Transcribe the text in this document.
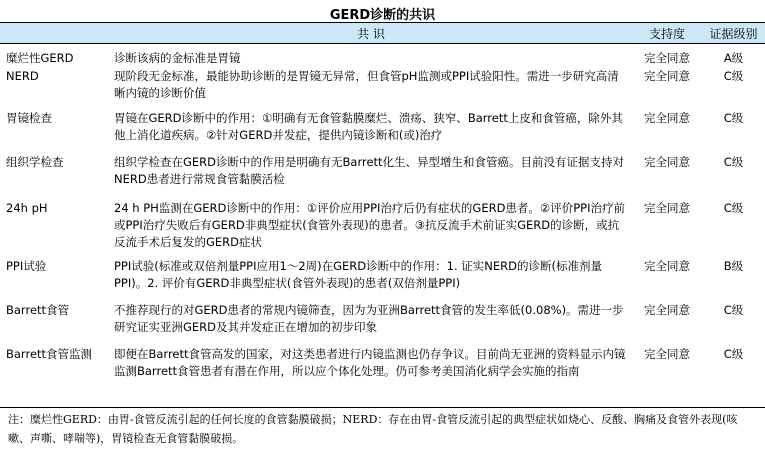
GERD诊断的共识
	共 识	支持度	证据级别
糜烂性GERD	诊断该病的金标准是胃镜	完全同意	A级
NERD	现阶段无金标准，最能协助诊断的是胃镜无异常，但食管pH监测或PPI试验阳性。需进一步研究高清晰内镜的诊断价值	完全同意	C级
胃镜检查	胃镜在GERD诊断中的作用：①明确有无食管黏膜糜烂、溃疡、狭窄、Barrett上皮和食管癌，除外其他上消化道疾病。②针对GERD并发症，提供内镜诊断和(或)治疗	完全同意	C级
组织学检查	组织学检查在GERD诊断中的作用是明确有无Barrett化生、异型增生和食管癌。目前没有证据支持对NERD患者进行常规食管黏膜活检	完全同意	C级
24h pH	24 h PH监测在GERD诊断中的作用：①评价应用PPI治疗后仍有症状的GERD患者。②评价PPI治疗前或PPI治疗失败后有GERD非典型症状(食管外表现)的患者。③抗反流手术前证实GERD的诊断，或抗反流手术后复发的GERD症状	完全同意	C级
PPI试验	PPI试验(标准或双倍剂量PPI应用1～2周)在GERD诊断中的作用：1. 证实NERD的诊断(标准剂量PPI)。2. 评价有GERD非典型症状(食管外表现)的患者(双倍剂量PPI)	完全同意	B级
Barrett食管	不推荐现行的对GERD患者的常规内镜筛查，因为为亚洲Barrett食管的发生率低(0.08%)。需进一步研究证实亚洲GERD及其并发症正在增加的初步印象	完全同意	C级
Barrett食管监测	即便在Barrett食管高发的国家，对这类患者进行内镜监测也仍存争议。目前尚无亚洲的资料显示内镜监测Barrett食管患者有潜在作用，所以应个体化处理。仍可参考美国消化病学会实施的指南	完全同意	C级
注：糜烂性GERD：由胃-食管反流引起的任何长度的食管黏膜破损；NERD：存在由胃-食管反流引起的典型症状如烧心、反酸、胸痛及食管外表现(咳嗽、声嘶、哮喘等)，胃镜检查无食管黏膜破损。
